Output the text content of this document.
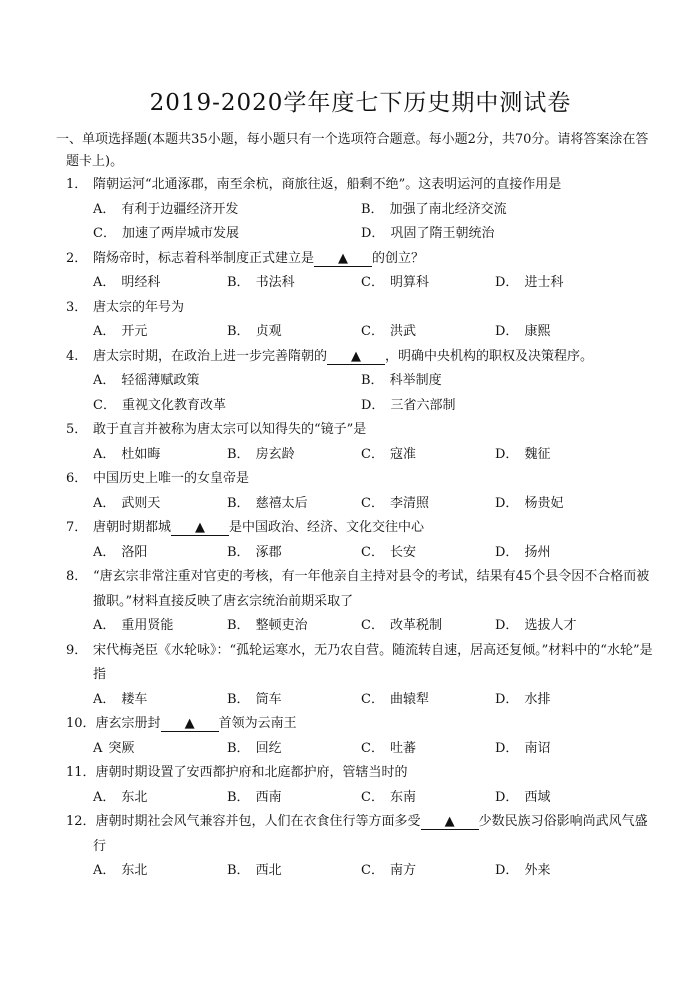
2019-2020学年度七下历史期中测试卷
一、单项选择题(本题共35小题，每小题只有一个选项符合题意。每小题2分，共70分。请将答案涂在答题卡上)。
1． 隋朝运河“北通涿郡，南至余杭，商旅往返，船剩不绝”。这表明运河的直接作用是
A． 有利于边疆经济开发	B． 加强了南北经济交流
C． 加速了两岸城市发展	D． 巩固了隋王朝统治
2． 隋炀帝时，标志着科举制度正式建立是 ▲ 的创立？
A． 明经科	B． 书法科	C． 明算科	D． 进士科
3． 唐太宗的年号为
A． 开元	B． 贞观	C． 洪武	D． 康熙
4. 唐太宗时期，在政治上进一步完善隋朝的 ▲ ，明确中央机构的职权及决策程序。
A． 轻徭薄赋政策	B． 科举制度
C． 重视文化教育改革	D． 三省六部制
5． 敢于直言并被称为唐太宗可以知得失的“镜子”是
A． 杜如晦	B． 房玄龄	C． 寇准	D． 魏征
6． 中国历史上唯一的女皇帝是
A． 武则天	B． 慈禧太后	C． 李清照	D． 杨贵妃
7． 唐朝时期都城 ▲ 是中国政治、经济、文化交往中心
A． 洛阳	B． 涿郡	C． 长安	D． 扬州
8． “唐玄宗非常注重对官吏的考核，有一年他亲自主持对县令的考试，结果有45个县令因不合格而被撤职。”材料直接反映了唐玄宗统治前期采取了
A． 重用贤能	B． 整顿吏治	C． 改革税制	D． 选拔人才
9． 宋代梅尧臣《水轮咏》：“孤轮运寒水，无乃农自营。随流转自速，居高还复倾。”材料中的“水轮”是指
A． 耧车	B． 筒车	C． 曲辕犁	D． 水排
10．唐玄宗册封 ▲ 首领为云南王
A 突厥	B． 回纥	C． 吐蕃	D． 南诏
11．唐朝时期设置了安西都护府和北庭都护府，管辖当时的
A． 东北	B． 西南	C． 东南	D． 西域
12．唐朝时期社会风气兼容并包，人们在衣食住行等方面多受 ▲ 少数民族习俗影响尚武风气盛行
A． 东北	B． 西北	C． 南方	D． 外来
